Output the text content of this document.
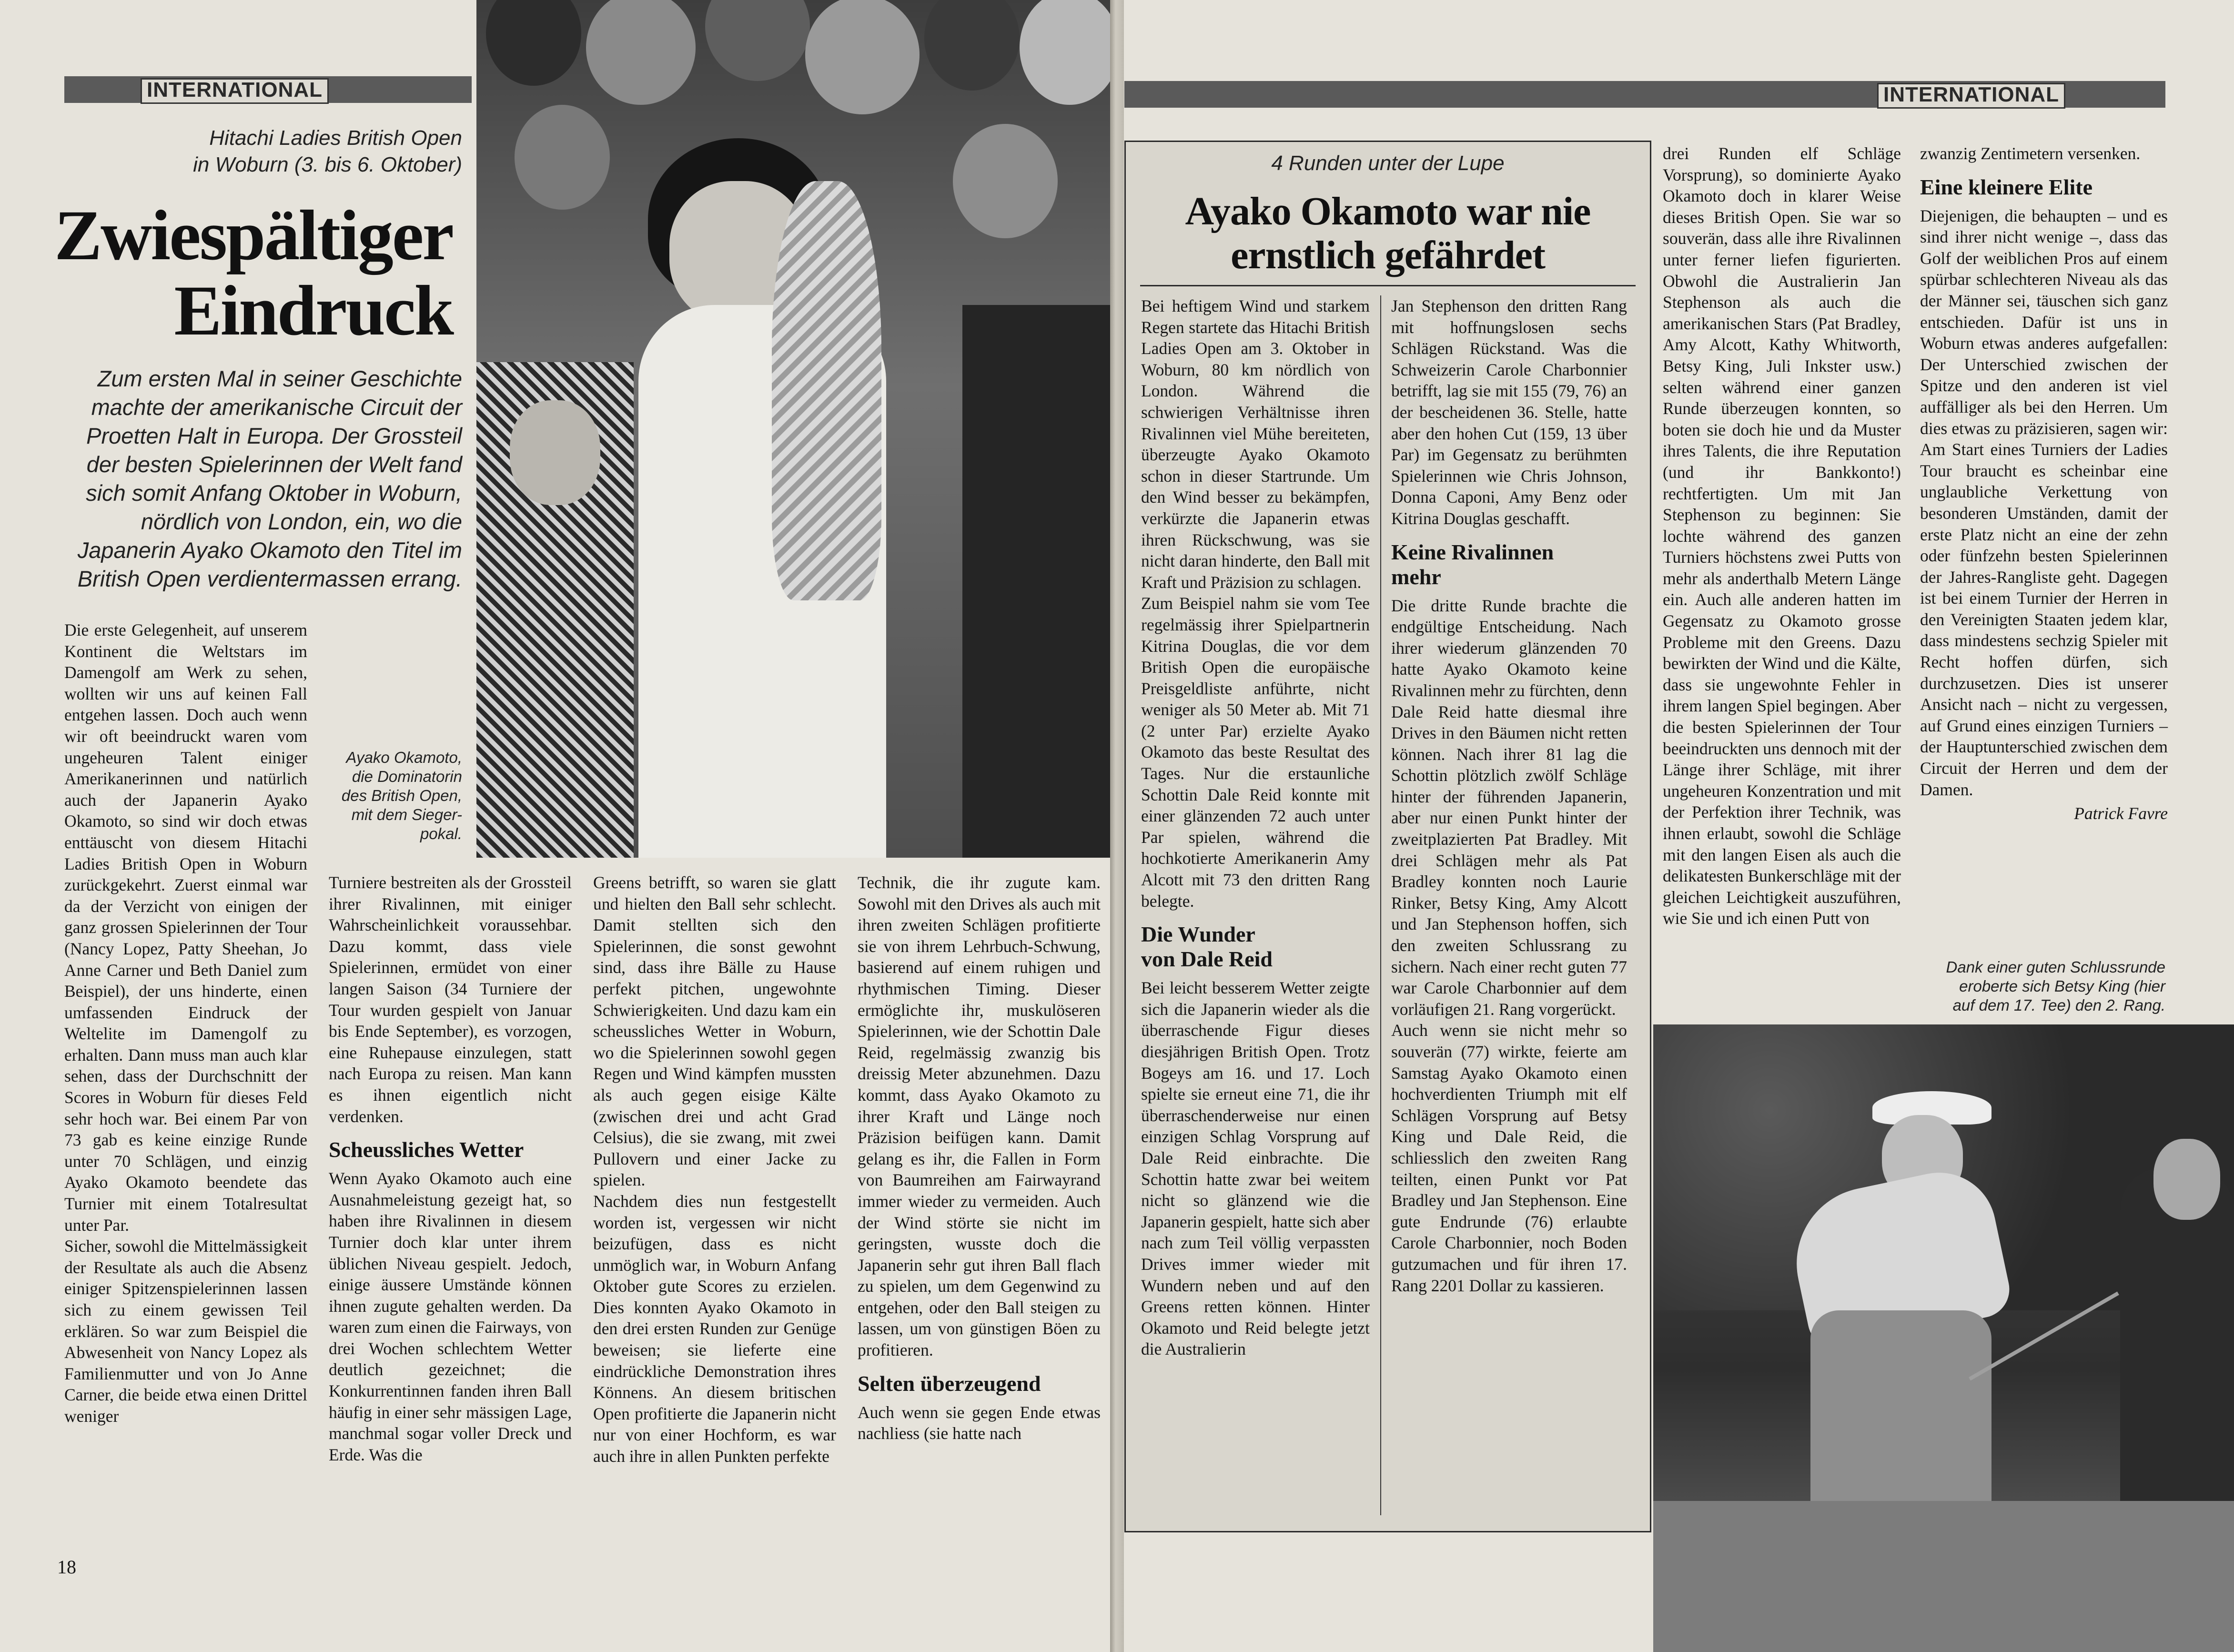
INTERNATIONAL
Hitachi Ladies British Open
in Woburn (3. bis 6. Oktober)
Zwiespältiger
Eindruck
Zum ersten Mal in seiner Geschichte machte der amerikanische Circuit der Proetten Halt in Europa. Der Grossteil der besten Spielerinnen der Welt fand sich somit Anfang Oktober in Woburn, nördlich von London, ein, wo die Japanerin Ayako Okamoto den Titel im British Open verdientermassen errang.
Ayako Okamoto,
die Dominatorin
des British Open,
mit dem Sieger-
pokal.

Die erste Gelegenheit, auf unserem Kontinent die Weltstars im Damengolf am Werk zu sehen, wollten wir uns auf keinen Fall entgehen lassen. Doch auch wenn wir oft beeindruckt waren vom ungeheuren Talent einiger Amerikanerinnen und natürlich auch der Japanerin Ayako Okamoto, so sind wir doch etwas enttäuscht von diesem Hitachi Ladies British Open in Woburn zurückgekehrt. Zuerst einmal war da der Verzicht von einigen der ganz grossen Spielerinnen der Tour (Nancy Lopez, Patty Sheehan, Jo Anne Carner und Beth Daniel zum Beispiel), der uns hinderte, einen umfassenden Eindruck der Weltelite im Damengolf zu erhalten. Dann muss man auch klar sehen, dass der Durchschnitt der Scores in Woburn für dieses Feld sehr hoch war. Bei einem Par von 73 gab es keine einzige Runde unter 70 Schlägen, und einzig Ayako Okamoto beendete das Turnier mit einem Totalresultat unter Par.

Sicher, sowohl die Mittelmässigkeit der Resultate als auch die Absenz einiger Spitzenspielerinnen lassen sich zu einem gewissen Teil erklären. So war zum Beispiel die Abwesenheit von Nancy Lopez als Familienmutter und von Jo Anne Carner, die beide etwa einen Drittel weniger

Turniere bestreiten als der Grossteil ihrer Rivalinnen, mit einiger Wahrscheinlichkeit voraussehbar. Dazu kommt, dass viele Spielerinnen, ermüdet von einer langen Saison (34 Turniere der Tour wurden gespielt von Januar bis Ende September), es vorzogen, eine Ruhepause einzulegen, statt nach Europa zu reisen. Man kann es ihnen eigentlich nicht verdenken.

Scheussliches Wetter

Wenn Ayako Okamoto auch eine Ausnahmeleistung gezeigt hat, so haben ihre Rivalinnen in diesem Turnier doch klar unter ihrem üblichen Niveau gespielt. Jedoch, einige äussere Umstände können ihnen zugute gehalten werden. Da waren zum einen die Fairways, von drei Wochen schlechtem Wetter deutlich gezeichnet; die Konkurrentinnen fanden ihren Ball häufig in einer sehr mässigen Lage, manchmal sogar voller Dreck und Erde. Was die

Greens betrifft, so waren sie glatt und hielten den Ball sehr schlecht. Damit stellten sich den Spielerinnen, die sonst gewohnt sind, dass ihre Bälle zu Hause perfekt pitchen, ungewohnte Schwierigkeiten. Und dazu kam ein scheussliches Wetter in Woburn, wo die Spielerinnen sowohl gegen Regen und Wind kämpfen mussten als auch gegen eisige Kälte (zwischen drei und acht Grad Celsius), die sie zwang, mit zwei Pullovern und einer Jacke zu spielen.

Nachdem dies nun festgestellt worden ist, vergessen wir nicht beizufügen, dass es nicht unmöglich war, in Woburn Anfang Oktober gute Scores zu erzielen. Dies konnten Ayako Okamoto in den drei ersten Runden zur Genüge beweisen; sie lieferte eine eindrückliche Demonstration ihres Könnens. An diesem britischen Open profitierte die Japanerin nicht nur von einer Hochform, es war auch ihre in allen Punkten perfekte

Technik, die ihr zugute kam. Sowohl mit den Drives als auch mit ihren zweiten Schlägen profitierte sie von ihrem Lehrbuch-Schwung, basierend auf einem ruhigen und rhythmischen Timing. Dieser ermöglichte ihr, muskulöseren Spielerinnen, wie der Schottin Dale Reid, regelmässig zwanzig bis dreissig Meter abzunehmen. Dazu kommt, dass Ayako Okamoto zu ihrer Kraft und Länge noch Präzision beifügen kann. Damit gelang es ihr, die Fallen in Form von Baumreihen am Fairwayrand immer wieder zu vermeiden. Auch der Wind störte sie nicht im geringsten, wusste doch die Japanerin sehr gut ihren Ball flach zu spielen, um dem Gegenwind zu entgehen, oder den Ball steigen zu lassen, um von günstigen Böen zu profitieren.

Selten überzeugend

Auch wenn sie gegen Ende etwas nachliess (sie hatte nach

18
INTERNATIONAL
4 Runden unter der Lupe
Ayako Okamoto war nie
ernstlich gefährdet

Bei heftigem Wind und starkem Regen startete das Hitachi British Ladies Open am 3. Oktober in Woburn, 80 km nördlich von London. Während die schwierigen Verhältnisse ihren Rivalinnen viel Mühe bereiteten, überzeugte Ayako Okamoto schon in dieser Startrunde. Um den Wind besser zu bekämpfen, verkürzte die Japanerin etwas ihren Rückschwung, was sie nicht daran hinderte, den Ball mit Kraft und Präzision zu schlagen.

Zum Beispiel nahm sie vom Tee regelmässig ihrer Spielpartnerin Kitrina Douglas, die vor dem British Open die europäische Preisgeldliste anführte, nicht weniger als 50 Meter ab. Mit 71 (2 unter Par) erzielte Ayako Okamoto das beste Resultat des Tages. Nur die erstaunliche Schottin Dale Reid konnte mit einer glänzenden 72 auch unter Par spielen, während die hochkotierte Amerikanerin Amy Alcott mit 73 den dritten Rang belegte.

Die Wunder
von Dale Reid

Bei leicht besserem Wetter zeigte sich die Japanerin wieder als die überraschende Figur dieses diesjährigen British Open. Trotz Bogeys am 16. und 17. Loch spielte sie erneut eine 71, die ihr überraschenderweise nur einen einzigen Schlag Vorsprung auf Dale Reid einbrachte. Die Schottin hatte zwar bei weitem nicht so glänzend wie die Japanerin gespielt, hatte sich aber nach zum Teil völlig verpassten Drives immer wieder mit Wundern neben und auf den Greens retten können. Hinter Okamoto und Reid belegte jetzt die Australierin

Jan Stephenson den dritten Rang mit hoffnungslosen sechs Schlägen Rückstand. Was die Schweizerin Carole Charbonnier betrifft, lag sie mit 155 (79, 76) an der bescheidenen 36. Stelle, hatte aber den hohen Cut (159, 13 über Par) im Gegensatz zu berühmten Spielerinnen wie Chris Johnson, Donna Caponi, Amy Benz oder Kitrina Douglas geschafft.

Keine Rivalinnen
mehr

Die dritte Runde brachte die endgültige Entscheidung. Nach ihrer wiederum glänzenden 70 hatte Ayako Okamoto keine Rivalinnen mehr zu fürchten, denn Dale Reid hatte diesmal ihre Drives in den Bäumen nicht retten können. Nach ihrer 81 lag die Schottin plötzlich zwölf Schläge hinter der führenden Japanerin, aber nur einen Punkt hinter der zweitplazierten Pat Bradley. Mit drei Schlägen mehr als Pat Bradley konnten noch Laurie Rinker, Betsy King, Amy Alcott und Jan Stephenson hoffen, sich den zweiten Schlussrang zu sichern. Nach einer recht guten 77 war Carole Charbonnier auf dem vorläufigen 21. Rang vorgerückt.

Auch wenn sie nicht mehr so souverän (77) wirkte, feierte am Samstag Ayako Okamoto einen hochverdienten Triumph mit elf Schlägen Vorsprung auf Betsy King und Dale Reid, die schliesslich den zweiten Rang teilten, einen Punkt vor Pat Bradley und Jan Stephenson. Eine gute Endrunde (76) erlaubte Carole Charbonnier, noch Boden gutzumachen und für ihren 17. Rang 2201 Dollar zu kassieren.

drei Runden elf Schläge Vorsprung), so dominierte Ayako Okamoto doch in klarer Weise dieses British Open. Sie war so souverän, dass alle ihre Rivalinnen unter ferner liefen figurierten. Obwohl die Australierin Jan Stephenson als auch die amerikanischen Stars (Pat Bradley, Amy Alcott, Kathy Whitworth, Betsy King, Juli Inkster usw.) selten während einer ganzen Runde überzeugen konnten, so boten sie doch hie und da Muster ihres Talents, die ihre Reputation (und ihr Bankkonto!) rechtfertigten. Um mit Jan Stephenson zu beginnen: Sie lochte während des ganzen Turniers höchstens zwei Putts von mehr als anderthalb Metern Länge ein. Auch alle anderen hatten im Gegensatz zu Okamoto grosse Probleme mit den Greens. Dazu bewirkten der Wind und die Kälte, dass sie ungewohnte Fehler in ihrem langen Spiel begingen. Aber die besten Spielerinnen der Tour beeindruckten uns dennoch mit der Länge ihrer Schläge, mit ihrer ungeheuren Konzentration und mit der Perfektion ihrer Technik, was ihnen erlaubt, sowohl die Schläge mit den langen Eisen als auch die delikatesten Bunkerschläge mit der gleichen Leichtigkeit auszuführen, wie Sie und ich einen Putt von

zwanzig Zentimetern versenken.

Eine kleinere Elite

Diejenigen, die behaupten – und es sind ihrer nicht wenige –, dass das Golf der weiblichen Pros auf einem spürbar schlechteren Niveau als das der Männer sei, täuschen sich ganz entschieden. Dafür ist uns in Woburn etwas anderes aufgefallen: Der Unterschied zwischen der Spitze und den anderen ist viel auffälliger als bei den Herren. Um dies etwas zu präzisieren, sagen wir: Am Start eines Turniers der Ladies Tour braucht es scheinbar eine unglaubliche Verkettung von besonderen Umständen, damit der erste Platz nicht an eine der zehn oder fünfzehn besten Spielerinnen der Jahres-Rangliste geht. Dagegen ist bei einem Turnier der Herren in den Vereinigten Staaten jedem klar, dass mindestens sechzig Spieler mit Recht hoffen dürfen, sich durchzusetzen. Dies ist unserer Ansicht nach – nicht zu vergessen, auf Grund eines einzigen Turniers – der Hauptunterschied zwischen dem Circuit der Herren und dem der Damen.

Patrick Favre

Dank einer guten Schlussrunde
eroberte sich Betsy King (hier
auf dem 17. Tee) den 2. Rang.
